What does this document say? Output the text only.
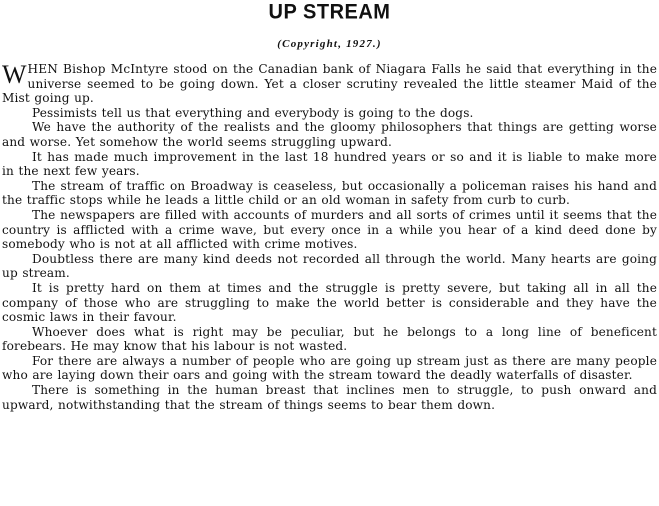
UP STREAM
(Copyright, 1927.)

WHEN Bishop McIntyre stood on the Canadian bank of Niagara Falls he said that everything in the universe seemed to be going down. Yet a closer scrutiny revealed the little steamer Maid of the Mist going up.

Pessimists tell us that everything and everybody is going to the dogs.

We have the authority of the realists and the gloomy philosophers that things are getting worse and worse. Yet somehow the world seems struggling upward.

It has made much improvement in the last 18 hundred years or so and it is liable to make more in the next few years.

The stream of traffic on Broadway is ceaseless, but occasionally a policeman raises his hand and the traffic stops while he leads a little child or an old woman in safety from curb to curb.

The newspapers are filled with accounts of murders and all sorts of crimes until it seems that the country is afflicted with a crime wave, but every once in a while you hear of a kind deed done by somebody who is not at all afflicted with crime motives.

Doubtless there are many kind deeds not recorded all through the world. Many hearts are going up stream.

It is pretty hard on them at times and the struggle is pretty severe, but taking all in all the company of those who are struggling to make the world better is considerable and they have the cosmic laws in their favour.

Whoever does what is right may be peculiar, but he belongs to a long line of beneficent forebears. He may know that his labour is not wasted.

For there are always a number of people who are going up stream just as there are many people who are laying down their oars and going with the stream toward the deadly waterfalls of disaster.

There is something in the human breast that inclines men to struggle, to push onward and upward, notwithstanding that the stream of things seems to bear them down.
